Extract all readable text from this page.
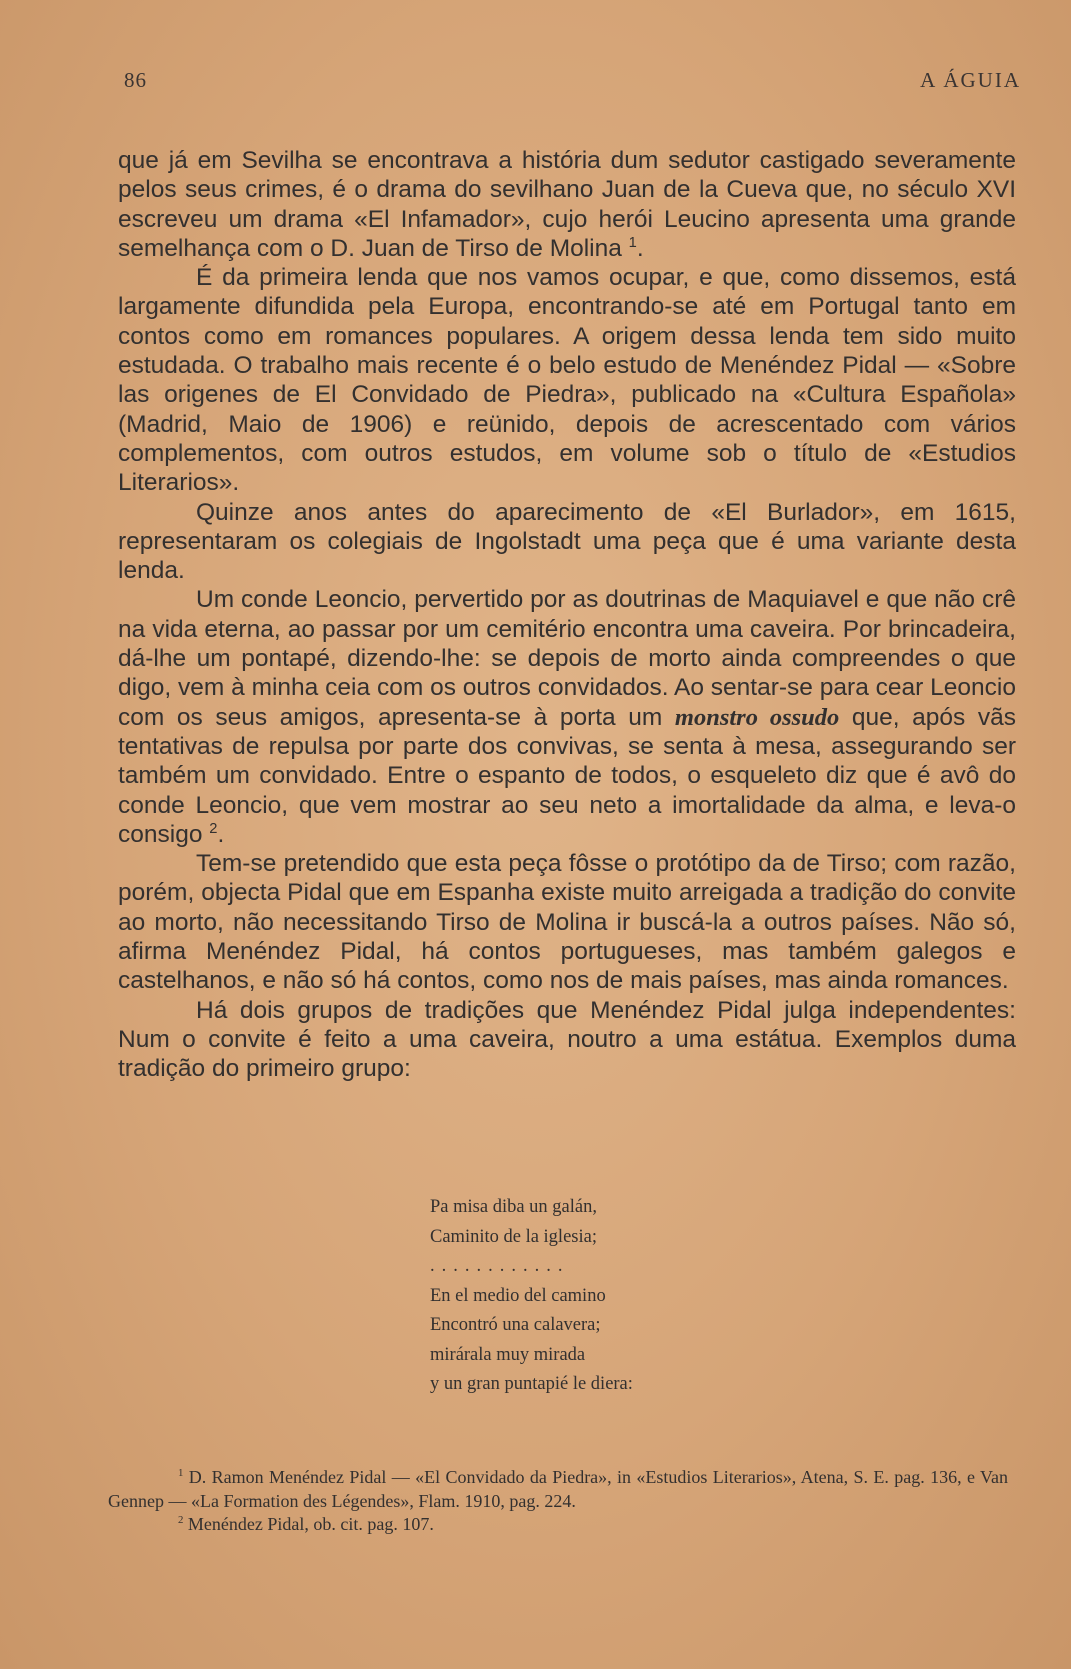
86	A ÁGUIA

que já em Sevilha se encontrava a história dum sedutor castigado severamente pelos seus crimes, é o drama do sevilhano Juan de la Cueva que, no século XVI escreveu um drama «El Infamador», cujo herói Leucino apresenta uma grande semelhança com o D. Juan de Tirso de Molina $^1$.

É da primeira lenda que nos vamos ocupar, e que, como dissemos, está largamente difundida pela Europa, encontrando-se até em Portugal tanto em contos como em romances populares. A origem dessa lenda tem sido muito estudada. O trabalho mais recente é o belo estudo de Menéndez Pidal — «Sobre las origenes de El Convidado de Piedra», publicado na «Cultura Española» (Madrid, Maio de 1906) e reünido, depois de acrescentado com vários complementos, com outros estudos, em volume sob o título de «Estudios Literarios».

Quinze anos antes do aparecimento de «El Burlador», em 1615, representaram os colegiais de Ingolstadt uma peça que é uma variante desta lenda.

Um conde Leoncio, pervertido por as doutrinas de Maquiavel e que não crê na vida eterna, ao passar por um cemitério encontra uma caveira. Por brincadeira, dá-lhe um pontapé, dizendo-lhe: se depois de morto ainda compreendes o que digo, vem à minha ceia com os outros convidados. Ao sentar-se para cear Leoncio com os seus amigos, apresenta-se à porta um monstro ossudo que, após vãs tentativas de repulsa por parte dos convivas, se senta à mesa, assegurando ser também um convidado. Entre o espanto de todos, o esqueleto diz que é avô do conde Leoncio, que vem mostrar ao seu neto a imortalidade da alma, e leva-o consigo $^2$.

Tem-se pretendido que esta peça fôsse o protótipo da de Tirso; com razão, porém, objecta Pidal que em Espanha existe muito arreigada a tradição do convite ao morto, não necessitando Tirso de Molina ir buscá-la a outros países. Não só, afirma Menéndez Pidal, há contos portugueses, mas também galegos e castelhanos, e não só há contos, como nos de mais países, mas ainda romances.

Há dois grupos de tradições que Menéndez Pidal julga independentes: Num o convite é feito a uma caveira, noutro a uma estátua. Exemplos duma tradição do primeiro grupo:

Pa misa diba un galán,
Caminito de la iglesia;
............
En el medio del camino
Encontró una calavera;
mirárala muy mirada
y un gran puntapié le diera:

$^1$ D. Ramon Menéndez Pidal — «El Convidado da Piedra», in «Estudios Literarios», Atena, S. E. pag. 136, e Van Gennep — «La Formation des Légendes», Flam. 1910, pag. 224.

$^2$ Menéndez Pidal, ob. cit. pag. 107.
